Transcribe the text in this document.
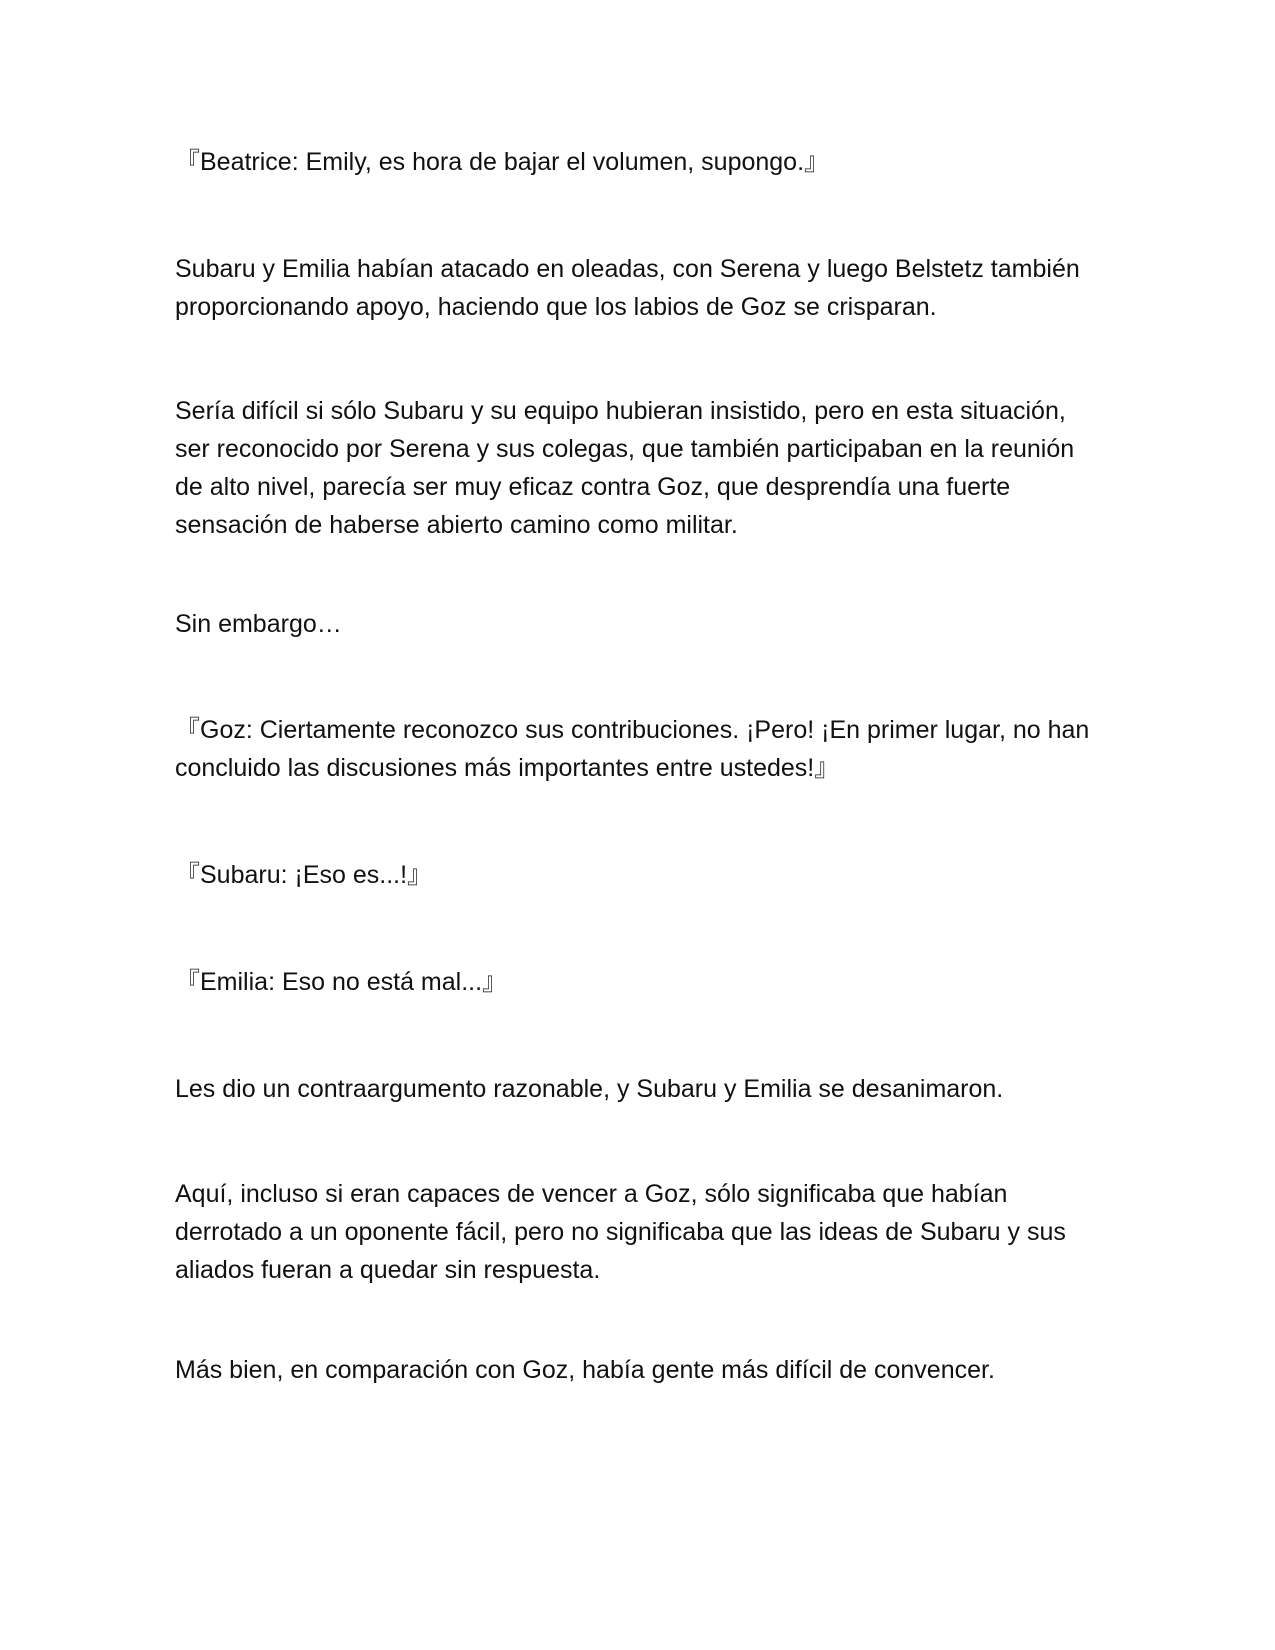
『Beatrice: Emily, es hora de bajar el volumen, supongo.』

Subaru y Emilia habían atacado en oleadas, con Serena y luego Belstetz también proporcionando apoyo, haciendo que los labios de Goz se crisparan.

Sería difícil si sólo Subaru y su equipo hubieran insistido, pero en esta situación, ser reconocido por Serena y sus colegas, que también participaban en la reunión de alto nivel, parecía ser muy eficaz contra Goz, que desprendía una fuerte sensación de haberse abierto camino como militar.

Sin embargo…

『Goz: Ciertamente reconozco sus contribuciones. ¡Pero! ¡En primer lugar, no han concluido las discusiones más importantes entre ustedes!』

『Subaru: ¡Eso es...!』

『Emilia: Eso no está mal...』

Les dio un contraargumento razonable, y Subaru y Emilia se desanimaron.

Aquí, incluso si eran capaces de vencer a Goz, sólo significaba que habían derrotado a un oponente fácil, pero no significaba que las ideas de Subaru y sus aliados fueran a quedar sin respuesta.

Más bien, en comparación con Goz, había gente más difícil de convencer.
